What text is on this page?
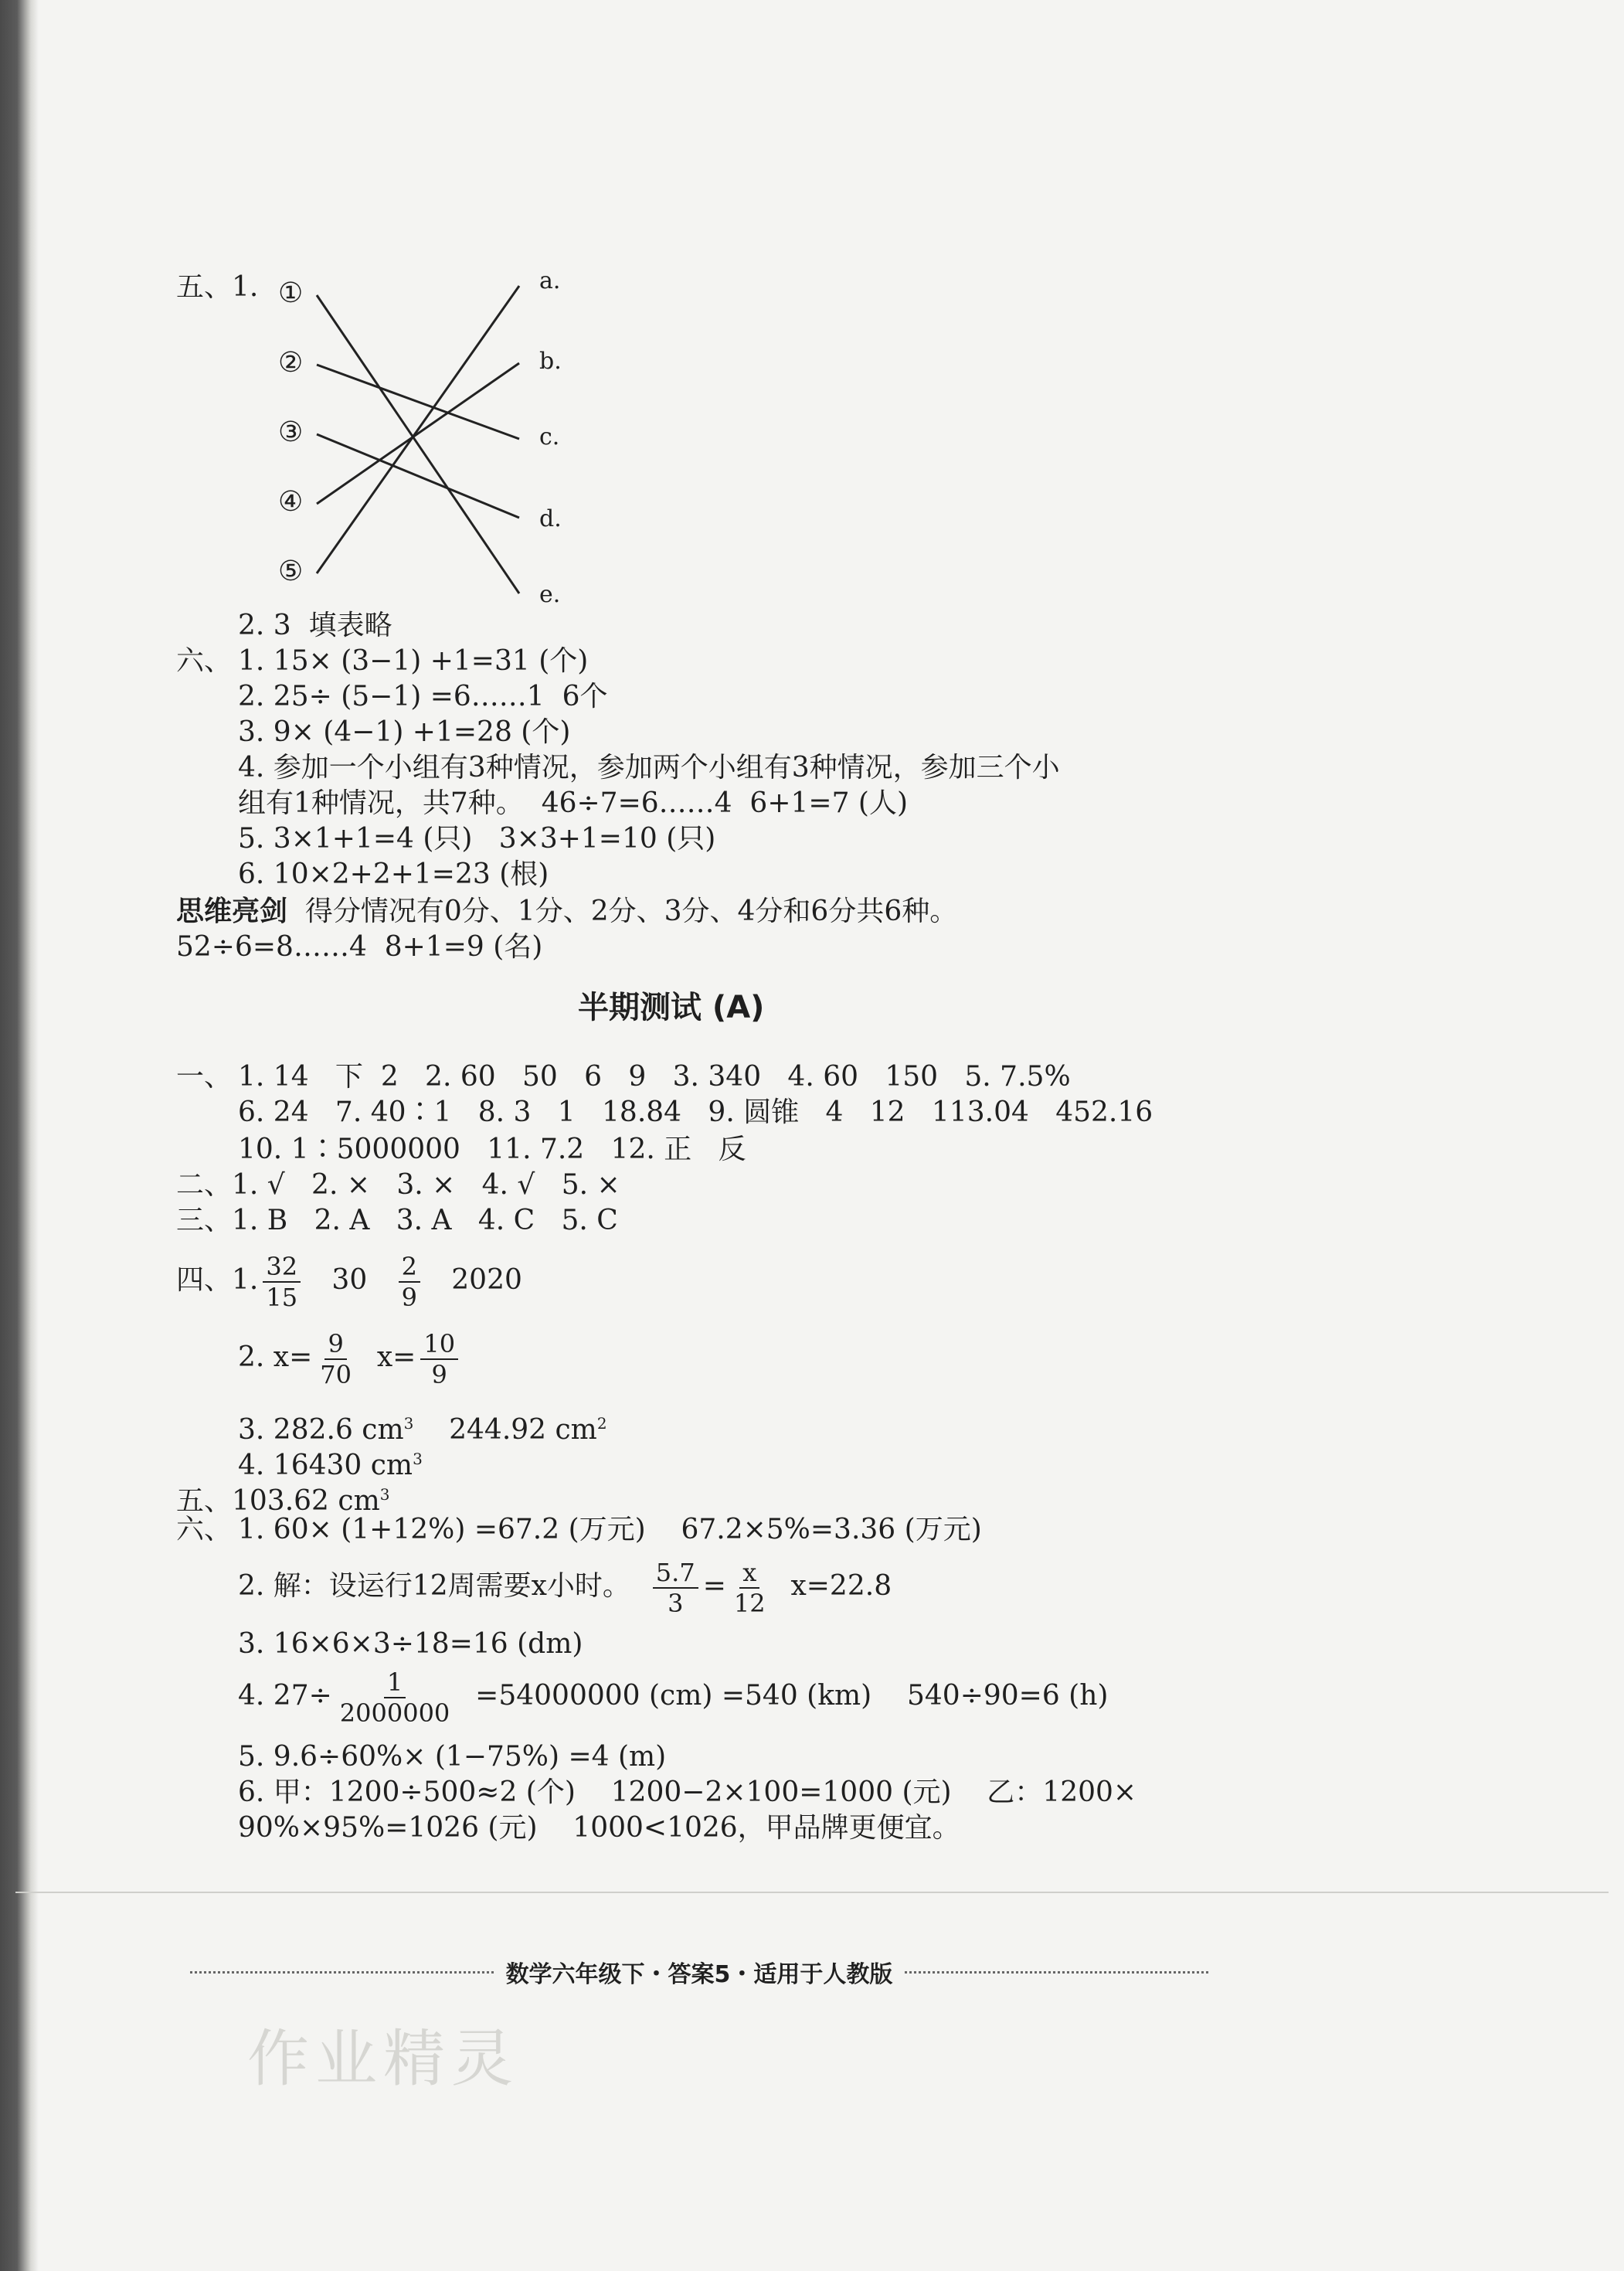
五、1. ①
②
③
④
⑤
a.
b.
c.
d.
e.
2. 3  填表略
六、 1. 15× (3−1) +1=31 (个)
2. 25÷ (5−1) =6……1  6个
3. 9× (4−1) +1=28 (个)
4. 参加一个小组有3种情况，参加两个小组有3种情况，参加三个小
组有1种情况，共7种。  46÷7=6……4  6+1=7 (人)
5. 3×1+1=4 (只)   3×3+1=10 (只)
6. 10×2+2+1=23 (根)
思维亮剑  得分情况有0分、1分、2分、3分、4分和6分共6种。
52÷6=8……4  8+1=9 (名)
半期测试 (A)
一、 1. 14   下  2   2. 60   50   6   9   3. 340   4. 60   150   5. 7.5%
6. 24   7. 40∶1   8. 3   1   18.84   9. 圆锥   4   12   113.04   452.16
10. 1∶5000000   11. 7.2   12. 正   反
二、1. √   2. ×   3. ×   4. √   5. ×
三、1. B   2. A   3. A   4. C   5. C
四、1. $\frac{32}{15} 30 \frac{2}{9} 2020$
2. $x= \frac{9}{70} x= \frac{10}{9}$
3. 282.6 $cm^3$ 244.92 $cm^2$
4. 16430 $cm^3$
五、103.62 $cm^3$
六、 1. 60× (1+12%) =67.2 (万元)    67.2×5%=3.36 (万元)
2. 解：设运行12周需要x小时。 $\frac{5.7}{3} = \frac{x}{12} x=22.8$
3. 16×6×3÷18=16 (dm)
4. $27\div \frac{1}{2000000} =54000000$ (cm) =540 (km)    540÷90=6 (h)
5. 9.6÷60%× (1−75%) =4 (m)
6. 甲：1200÷500≈2 (个)    1200−2×100=1000 (元)    乙：1200×
90%×95%=1026 (元)    1000<1026，甲品牌更便宜。
数学六年级下・答案5・适用于人教版
作业精灵
